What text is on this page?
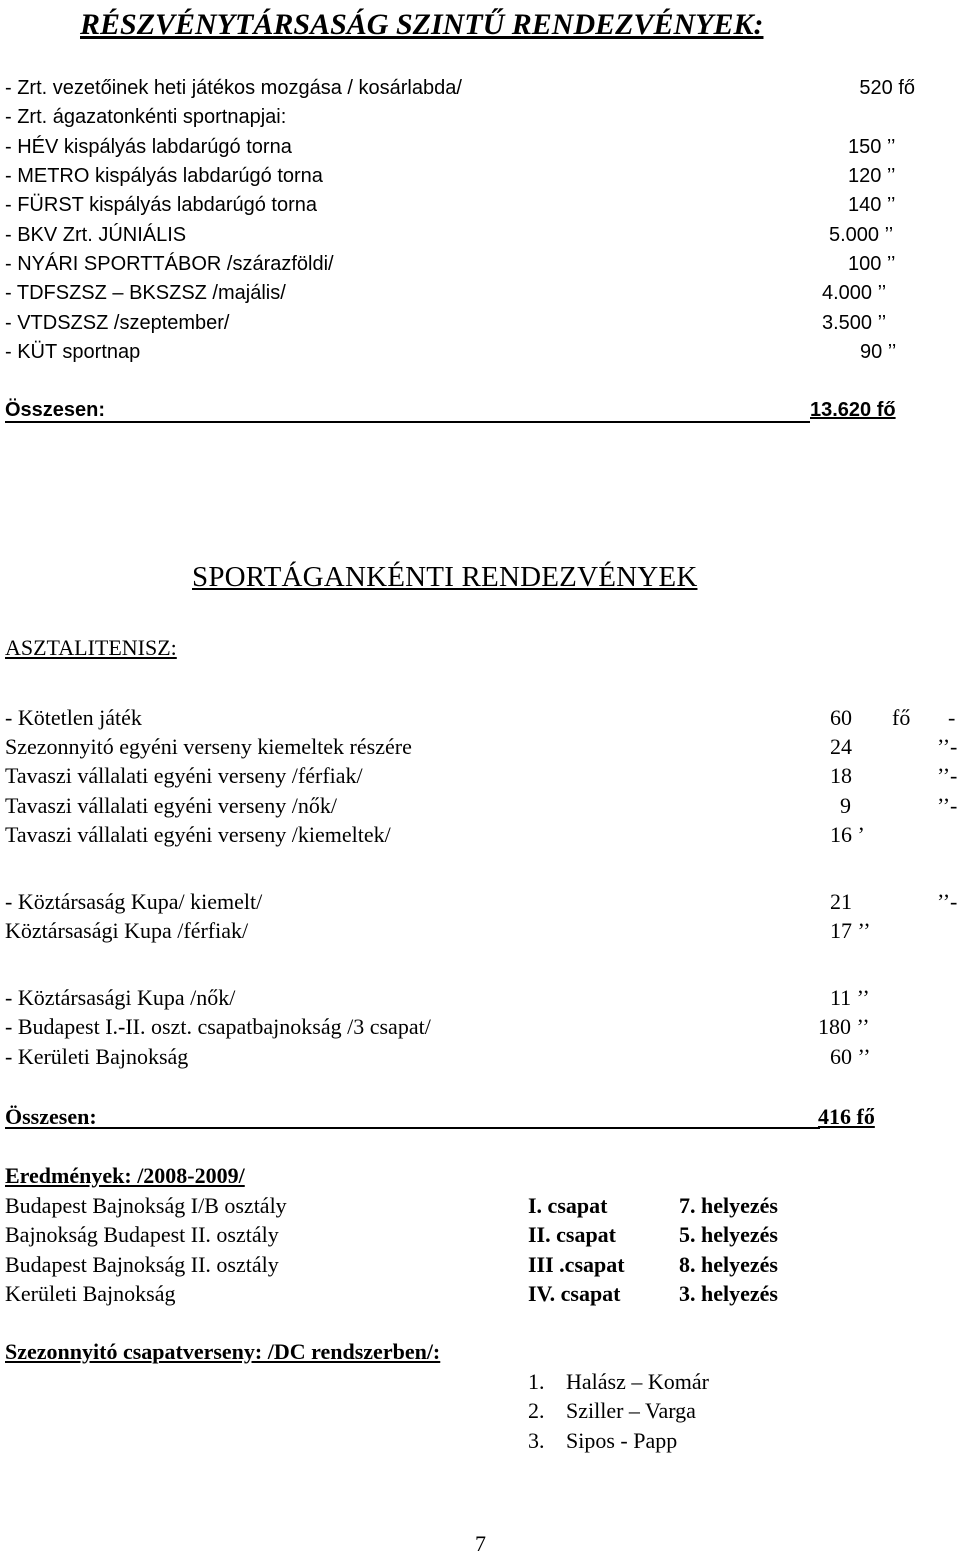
RÉSZVÉNYTÁRSASÁG SZINTŰ RENDEZVÉNYEK:
- Zrt. vezetőinek heti játékos mozgása / kosárlabda/	520 fő
- Zrt. ágazatonkénti sportnapjai:
- HÉV kispályás labdarúgó torna	150 ’’
- METRO kispályás labdarúgó torna	120 ’’
- FÜRST kispályás labdarúgó torna	140 ’’
- BKV Zrt. JÚNIÁLIS	5.000 ’’
- NYÁRI SPORTTÁBOR /szárazföldi/	100 ’’
- TDFSZSZ – BKSZSZ /majális/	4.000 ’’
- VTDSZSZ /szeptember/	3.500 ’’
- KÜT sportnap	90 ’’
Összesen:	13.620 fő
SPORTÁGANKÉNTI RENDEZVÉNYEK
ASZTALITENISZ:
- Kötetlen játék	60 fő -
Szezonnyitó egyéni verseny kiemeltek részére	24	’’-
Tavaszi vállalati egyéni verseny /férfiak/	18	’’-
Tavaszi vállalati egyéni verseny /nők/	9	’’-
Tavaszi vállalati egyéni verseny /kiemeltek/	16 ’
- Köztársaság Kupa/ kiemelt/	21	’’-
Köztársasági Kupa /férfiak/	17 ’’
- Köztársasági Kupa /nők/	11 ’’
- Budapest I.-II. oszt. csapatbajnokság /3 csapat/	180 ’’
- Kerületi Bajnokság	60 ’’
Összesen:	416 fő
Eredmények: /2008-2009/
Budapest Bajnokság I/B osztály	I. csapat	7. helyezés
Bajnokság Budapest II. osztály	II. csapat	5. helyezés
Budapest Bajnokság II. osztály	III .csapat 8. helyezés
Kerületi Bajnokság	IV. csapat	3. helyezés
Szezonnyitó csapatverseny: /DC rendszerben/:
1. Halász – Komár
2. Sziller – Varga
3. Sipos - Papp
7
